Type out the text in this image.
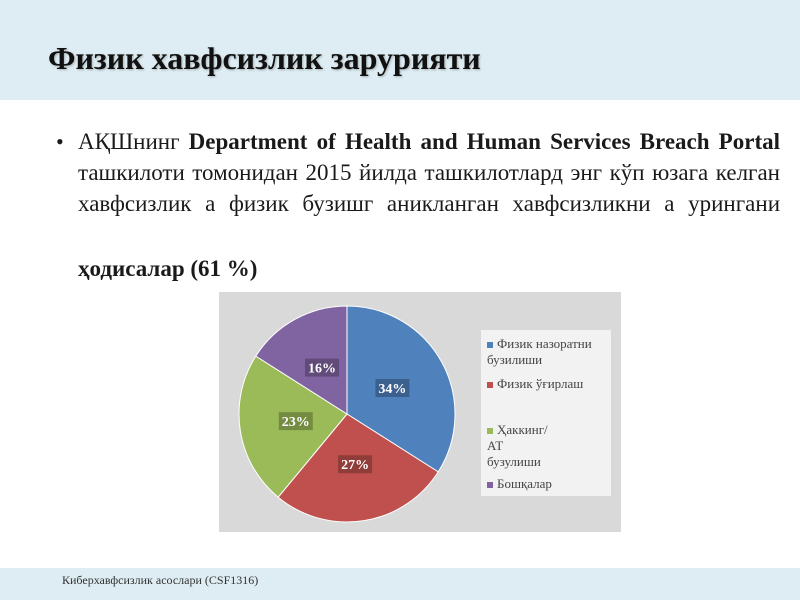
Физик хавфсизлик зарурияти
• АҚШнинг Department of Health and Human Services Breach Portal ташкилоти томонидан 2015 йилда ташкилотлард энг кўп юзага келган хавфсизлик а физик бузишг аникланган хавфсизликни а урингани
ҳодисалар (61 %)
34%
27%
23%
16%
Физик назоратни бузилиши
Физик ўғирлаш
Ҳаккинг/ АТ бузулиши
Бошқалар
Киберхавфсизлик асослари (CSF1316)
